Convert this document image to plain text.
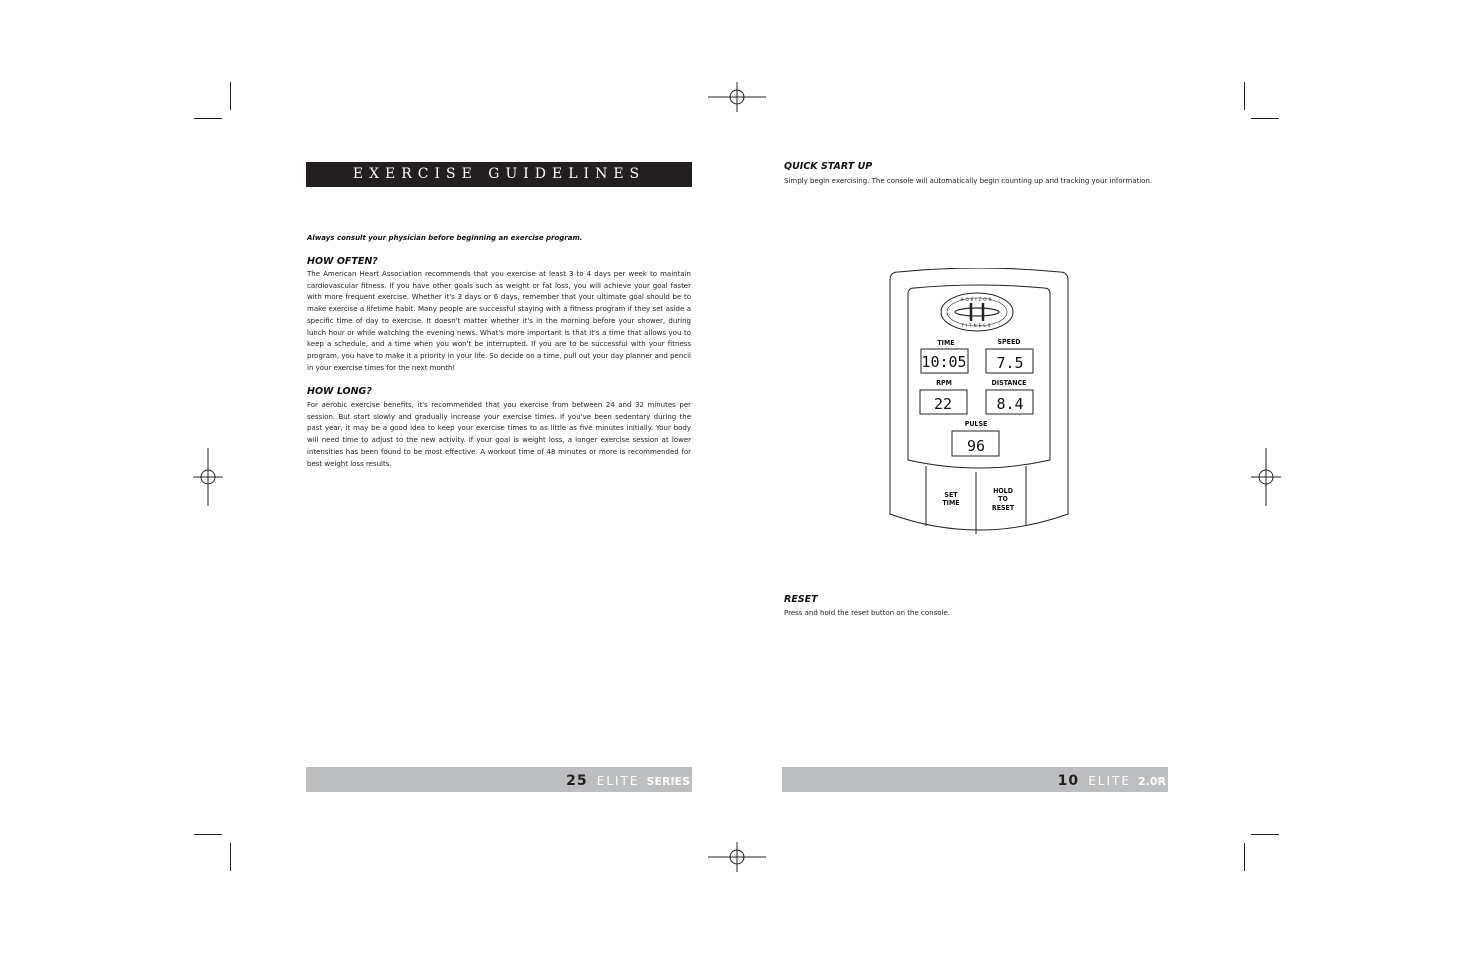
EXERCISE GUIDELINES
Always consult your physician before beginning an exercise program.
HOW OFTEN?
The American Heart Association recommends that you exercise at least 3 to 4 days per week to maintain cardiovascular fitness. If you have other goals such as weight or fat loss, you will achieve your goal faster with more frequent exercise. Whether it's 3 days or 6 days, remember that your ultimate goal should be to make exercise a lifetime habit. Many people are successful staying with a fitness program if they set aside a specific time of day to exercise. It doesn't matter whether it's in the morning before your shower, during lunch hour or while watching the evening news. What's more important is that it's a time that allows you to keep a schedule, and a time when you won't be interrupted. If you are to be successful with your fitness program, you have to make it a priority in your life. So decide on a time, pull out your day planner and pencil in your exercise times for the next month!
HOW LONG?
For aerobic exercise benefits, it's recommended that you exercise from between 24 and 32 minutes per session. But start slowly and gradually increase your exercise times. If you've been sedentary during the past year, it may be a good idea to keep your exercise times to as little as five minutes initially. Your body will need time to adjust to the new activity. If your goal is weight loss, a longer exercise session at lower intensities has been found to be most effective. A workout time of 48 minutes or more is recommended for best weight loss results.
25 ELITE SERIES
QUICK START UP
Simply begin exercising. The console will automatically begin counting up and tracking your information.
HORIZON
FITNESS
TIME	SPEED
RPM	DISTANCE
PULSE
10:05 7.5
22	8.4
96
SET
TIME
HOLD
TO
RESET
RESET
Press and hold the reset button on the console.
10 ELITE 2.0R
